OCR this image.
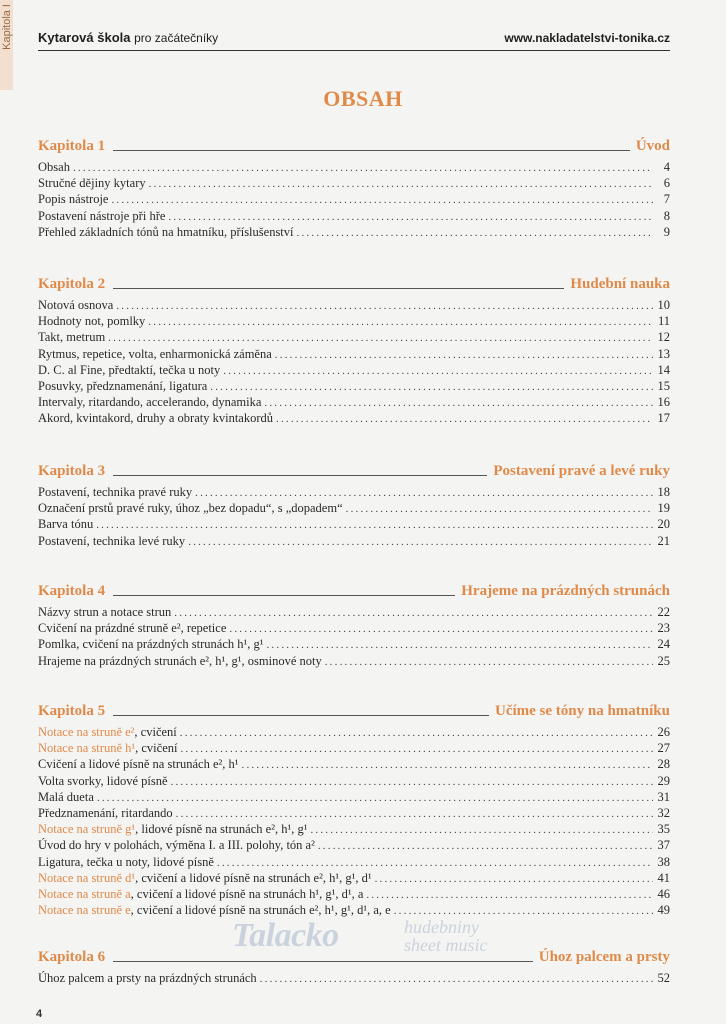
Kapitola I Kytarová škola pro začátečníky	www.nakladatelstvi-tonika.cz
OBSAH
Kapitola 1	Úvod
Obsah .....	4
Stručné dějiny kytary .....	6
Popis nástroje .....	7
Postavení nástroje při hře .....	8
Přehled základních tónů na hmatníku, příslušenství .....	9
Kapitola 2	Hudební nauka
Notová osnova .....	10
Hodnoty not, pomlky .....	11
Takt, metrum .....	12
Rytmus, repetice, volta, enharmonická záměna .....	13
D. C. al Fine, předtaktí, tečka u noty .....	14
Posuvky, předznamenání, ligatura .....	15
Intervaly, ritardando, accelerando, dynamika .....	16
Akord, kvintakord, druhy a obraty kvintakordů .....	17
Kapitola 3	Postavení pravé a levé ruky
Postavení, technika pravé ruky .....	18
Označení prstů pravé ruky, úhoz „bez dopadu“, s „dopadem“ .....	19
Barva tónu .....	20
Postavení, technika levé ruky .....	21
Kapitola 4	Hrajeme na prázdných strunách
Názvy strun a notace strun .....	22
Cvičení na prázdné struně e², repetice .....	23
Pomlka, cvičení na prázdných strunách h¹, g¹ .....	24
Hrajeme na prázdných strunách e², h¹, g¹, osminové noty .....	25
Kapitola 5	Učíme se tóny na hmatníku
Notace na struně e², cvičení .....	26
Notace na struně h¹, cvičení .....	27
Cvičení a lidové písně na strunách e², h¹ .....	28
Volta svorky, lidové písně .....	29
Malá dueta .....	31
Předznamenání, ritardando .....	32
Notace na struně g¹, lidové písně na strunách e², h¹, g¹ .....	35
Úvod do hry v polohách, výměna I. a III. polohy, tón a² .....	37
Ligatura, tečka u noty, lidové písně .....	38
Notace na struně d¹, cvičení a lidové písně na strunách e², h¹, g¹, d¹ .....	41
Notace na struně a, cvičení a lidové písně na strunách h¹, g¹, d¹, a .....	46
Notace na struně e, cvičení a lidové písně na strunách e², h¹, g¹, d¹, a, e .....	49
Kapitola 6	Úhoz palcem a prsty
Úhoz palcem a prsty na prázdných strunách .....	52
Talacko	hudebniny
sheet music
4
